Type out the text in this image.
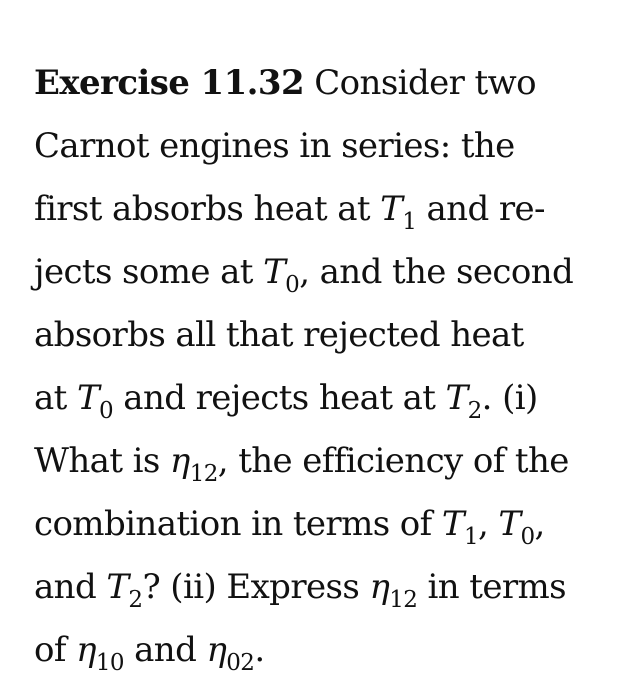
Exercise 11.32 Consider two
Carnot engines in series: the
first absorbs heat at $T_1$ and re-
jects some at $T_0$, and the second
absorbs all that rejected heat
at $T_0$ and rejects heat at $T_2$. (i)
What is $\eta_{12}$, the efficiency of the
combination in terms of $T_1$, $T_0$,
and $T_2$? (ii) Express $\eta_{12}$ in terms
of $\eta_{10}$ and $\eta_{02}$.
